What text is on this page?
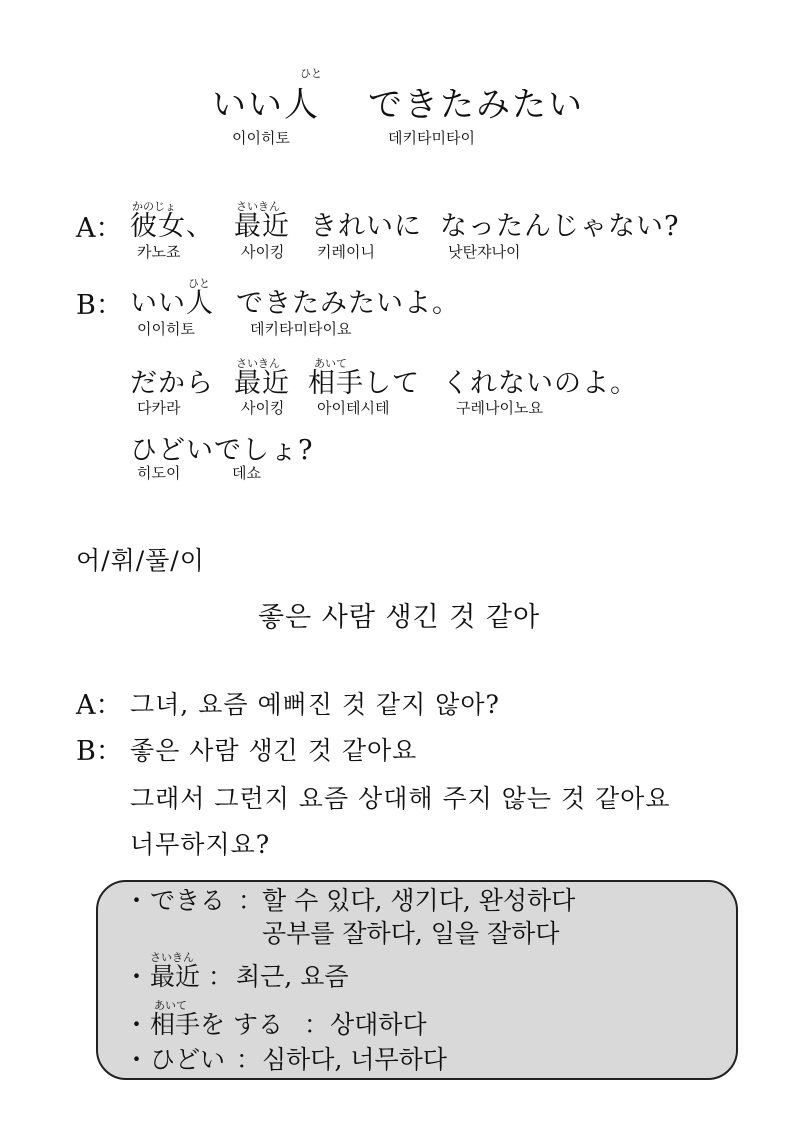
ひと
いい人 できたみたい
이이히토	데키타미타이
A：
かのじょ
彼女、
카노죠
さいきん
最近
사이킹
きれいに
키레이니
なったんじゃない?
낫탄쟈나이
B：
ひと
いい人
이이히토
できたみたいよ。
데키타미타이요
だから
다카라
さいきん
最近
사이킹
あいて
相手して
아이테시테
くれないのよ。
구레나이노요
ひどいでしょ?
히도이	데쇼
어/휘/풀/이
좋은 사람 생긴 것 같아
A： 그녀, 요즘 예뻐진 것 같지 않아?
B： 좋은 사람 생긴 것 같아요
그래서 그런지 요즘 상대해 주지 않는 것 같아요
너무하지요?
・ できる ：
할 수 있다, 생기다, 완성하다
공부를 잘하다, 일을 잘하다
さいきん
・ 最近 ： 최근, 요즘
あいて
・ 相手を する ： 상대하다
・ ひどい ： 심하다, 너무하다
